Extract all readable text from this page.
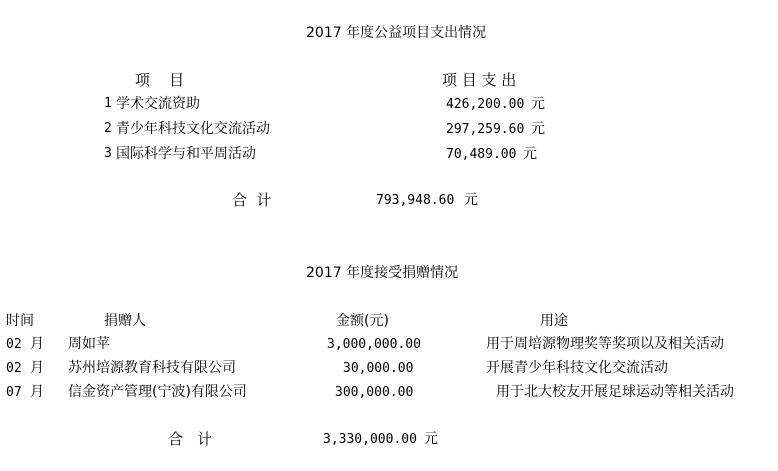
2017 年度公益项目支出情况
项    目	项 目 支 出
1 学术交流资助	426,200.00 元
2 青少年科技文化交流活动	297,259.60 元
3 国际科学与和平周活动	70,489.00 元
合  计	793,948.60 元
2017 年度接受捐赠情况
时间	捐赠人	金额(元)	用途
02 月 周如苹	3,000,000.00	用于周培源物理奖等奖项以及相关活动
02 月 苏州培源教育科技有限公司	30,000.00	开展青少年科技文化交流活动
07 月 信金资产管理(宁波)有限公司	300,000.00	用于北大校友开展足球运动等相关活动
合   计	3,330,000.00 元
